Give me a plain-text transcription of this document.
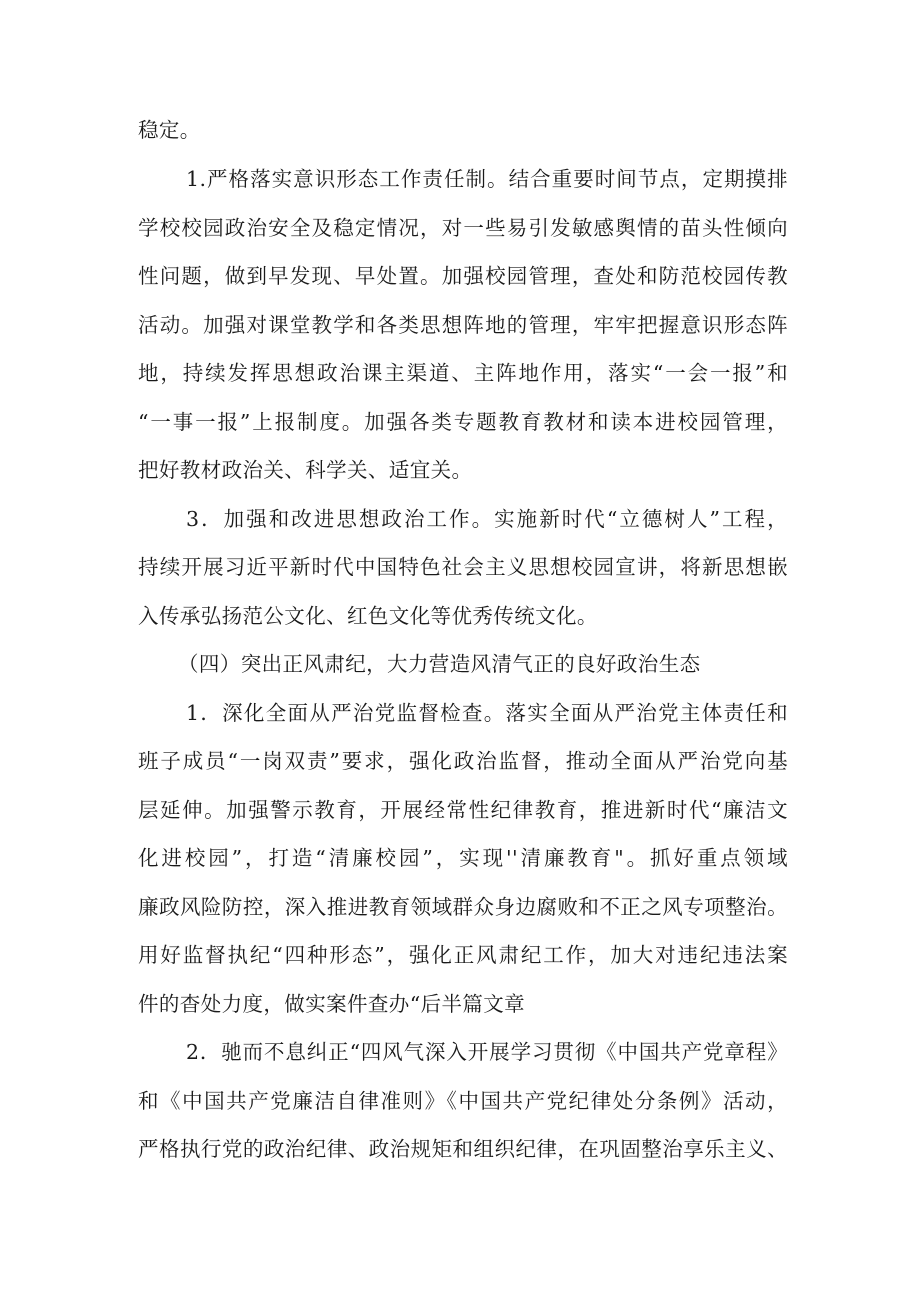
稳定。
1.严格落实意识形态工作责任制。结合重要时间节点，定期摸排
学校校园政治安全及稳定情况，对一些易引发敏感舆情的苗头性倾向
性问题，做到早发现、早处置。加强校园管理，查处和防范校园传教
活动。加强对课堂教学和各类思想阵地的管理，牢牢把握意识形态阵
地，持续发挥思想政治课主渠道、主阵地作用，落实“一会一报”和
“一事一报”上报制度。加强各类专题教育教材和读本进校园管理，
把好教材政治关、科学关、适宜关。
3．加强和改进思想政治工作。实施新时代“立德树人”工程，
持续开展习近平新时代中国特色社会主义思想校园宣讲，将新思想嵌
入传承弘扬范公文化、红色文化等优秀传统文化。
（四）突出正风肃纪，大力营造风清气正的良好政治生态
1．深化全面从严治党监督检查。落实全面从严治党主体责任和
班子成员“一岗双责”要求，强化政治监督，推动全面从严治党向基
层延伸。加强警示教育，开展经常性纪律教育，推进新时代“廉洁文
化进校园”，打造“清廉校园”，实现''清廉教育"。抓好重点领域
廉政风险防控，深入推进教育领域群众身边腐败和不正之风专项整治。
用好监督执纪“四种形态”，强化正风肃纪工作，加大对违纪违法案
件的杳处力度，做实案件查办“后半篇文章
2．驰而不息纠正“四风气深入开展学习贯彻《中国共产党章程》
和《中国共产党廉洁自律准则》《中国共产党纪律处分条例》活动，
严格执行党的政治纪律、政治规矩和组织纪律，在巩固整治享乐主义、
